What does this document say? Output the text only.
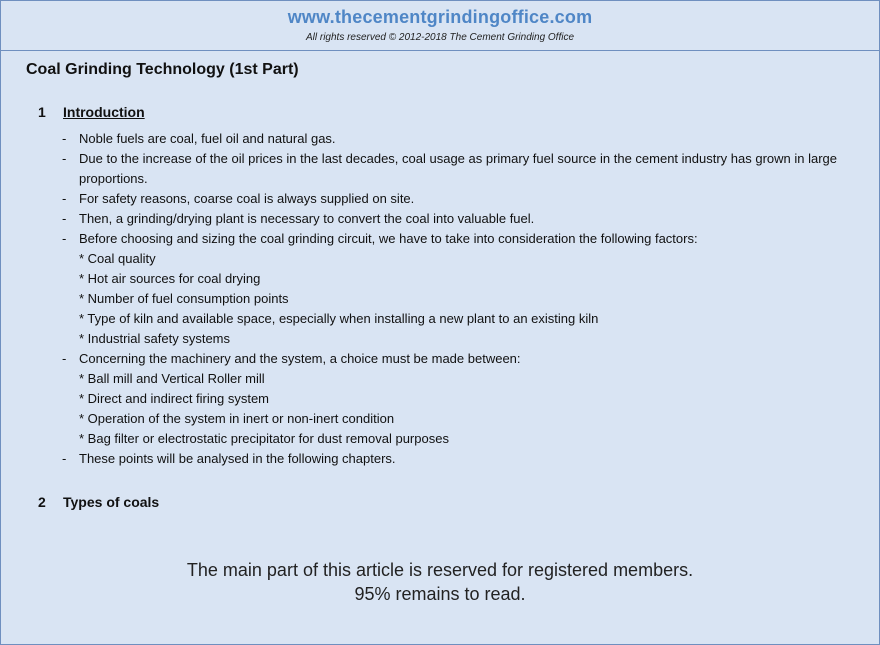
www.thecementgrindingoffice.com
All rights reserved © 2012-2018 The Cement Grinding Office
Coal Grinding Technology (1st Part)
1 Introduction
- Noble fuels are coal, fuel oil and natural gas.
- Due to the increase of the oil prices in the last decades, coal usage as primary fuel source in the cement industry has grown in large proportions.
- For safety reasons, coarse coal is always supplied on site.
- Then, a grinding/drying plant is necessary to convert the coal into valuable fuel.
- Before choosing and sizing the coal grinding circuit, we have to take into consideration the following factors:
* Coal quality
* Hot air sources for coal drying
* Number of fuel consumption points
* Type of kiln and available space, especially when installing a new plant to an existing kiln
* Industrial safety systems
- Concerning the machinery and the system, a choice must be made between:
* Ball mill and Vertical Roller mill
* Direct and indirect firing system
* Operation of the system in inert or non-inert condition
* Bag filter or electrostatic precipitator for dust removal purposes
- These points will be analysed in the following chapters.
2 Types of coals
The main part of this article is reserved for registered members.
95% remains to read.
